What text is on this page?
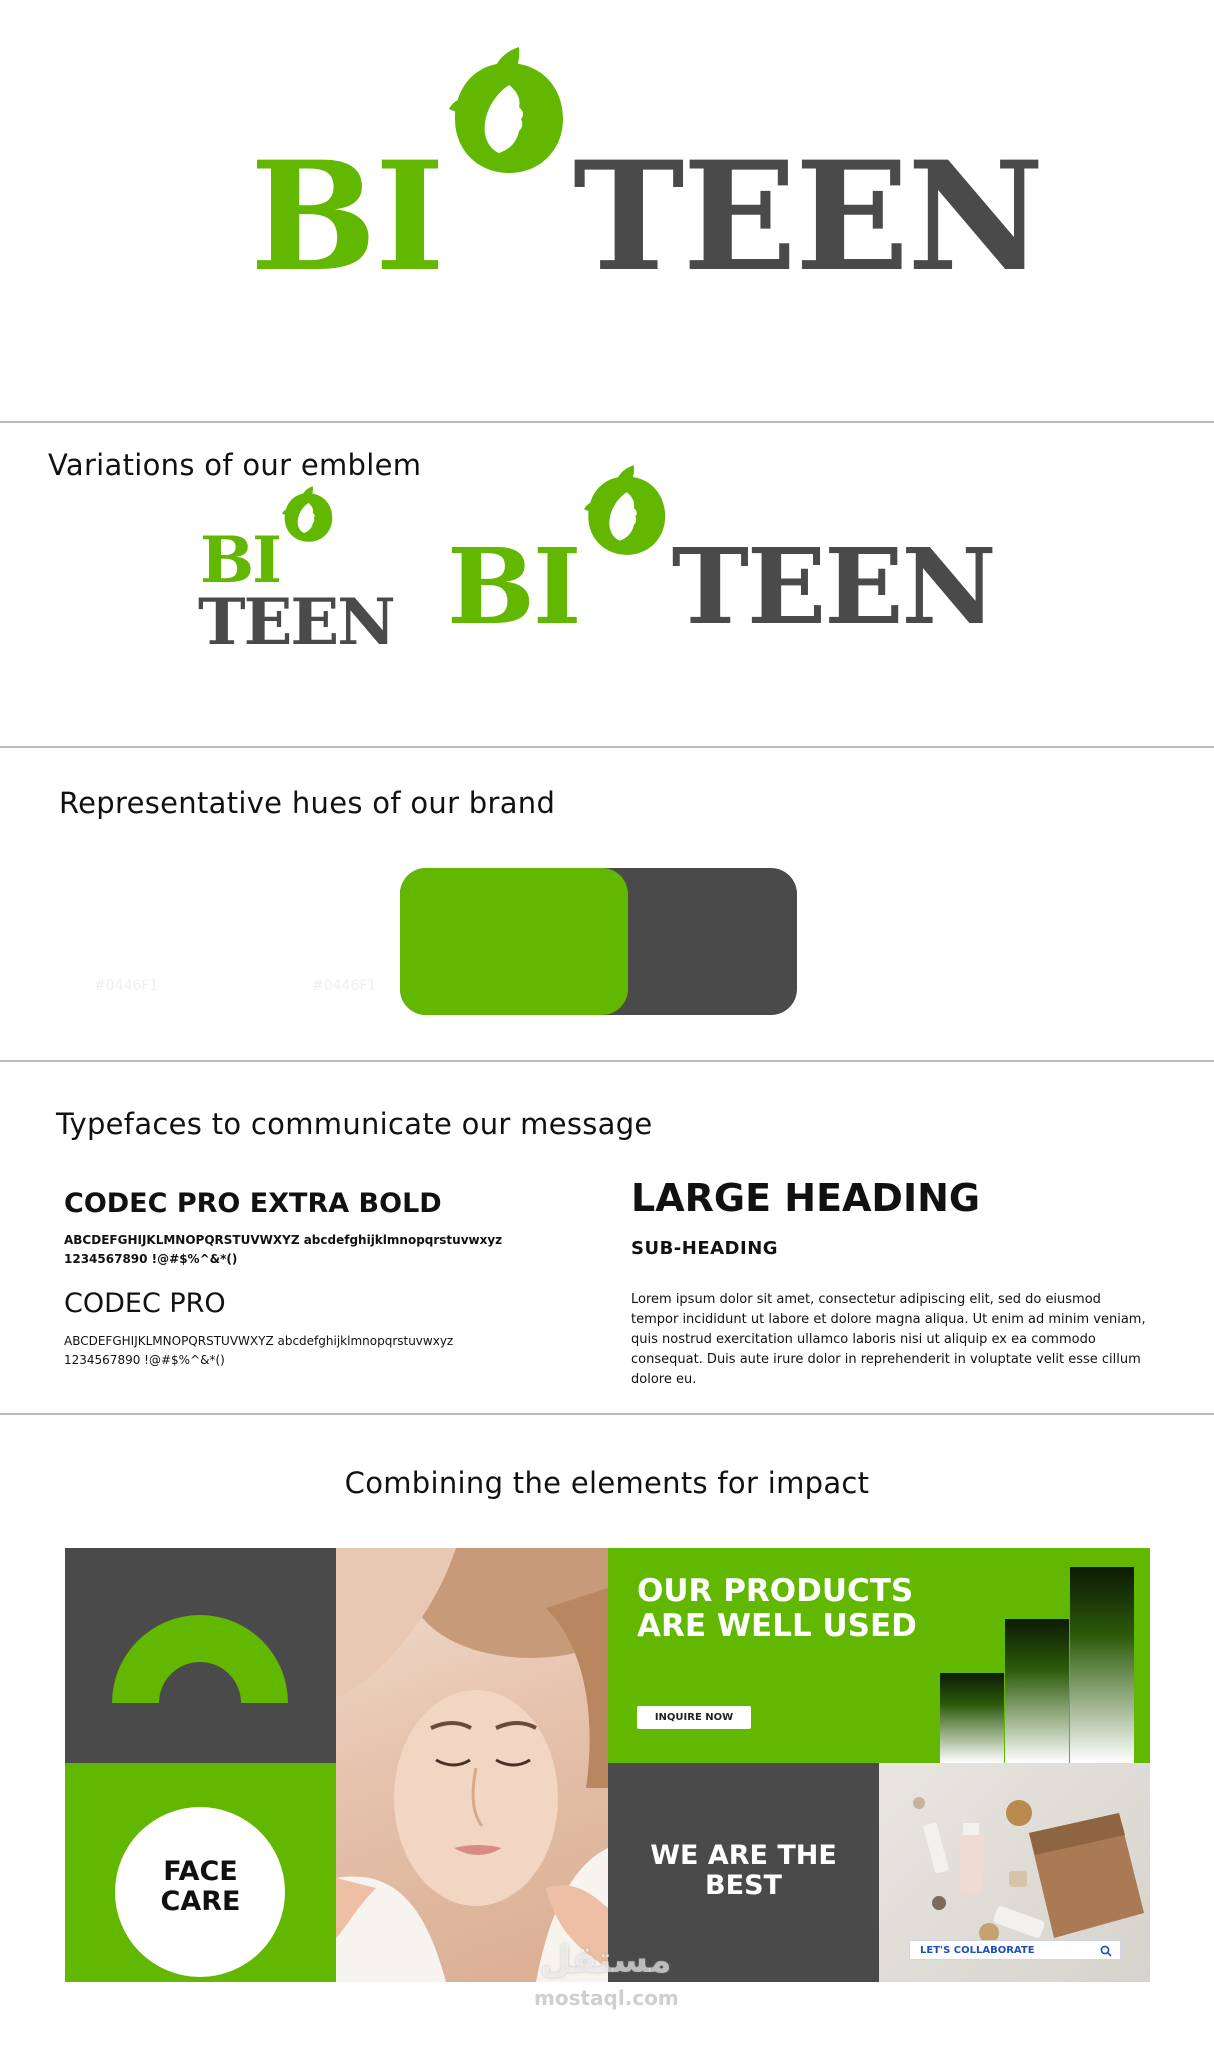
BI TEEN
Variations of our emblem
BI
TEEN BI TEEN
Representative hues of our brand
#0446F1	#0446F1
Typefaces to communicate our message
CODEC PRO EXTRA BOLD
ABCDEFGHIJKLMNOPQRSTUVWXYZ abcdefghijklmnopqrstuvwxyz
1234567890 !@#$%^&*()
CODEC PRO
ABCDEFGHIJKLMNOPQRSTUVWXYZ abcdefghijklmnopqrstuvwxyz
1234567890 !@#$%^&*()
LARGE HEADING
SUB-HEADING
Lorem ipsum dolor sit amet, consectetur adipiscing elit, sed do eiusmod tempor incididunt ut labore et dolore magna aliqua. Ut enim ad minim veniam, quis nostrud exercitation ullamco laboris nisi ut aliquip ex ea commodo consequat. Duis aute irure dolor in reprehenderit in voluptate velit esse cillum dolore eu.
Combining the elements for impact
OUR PRODUCTS
ARE WELL USED
INQUIRE NOW
FACE
CARE
WE ARE THE
BEST
LET'S COLLABORATE
مستقل
mostaql.com
